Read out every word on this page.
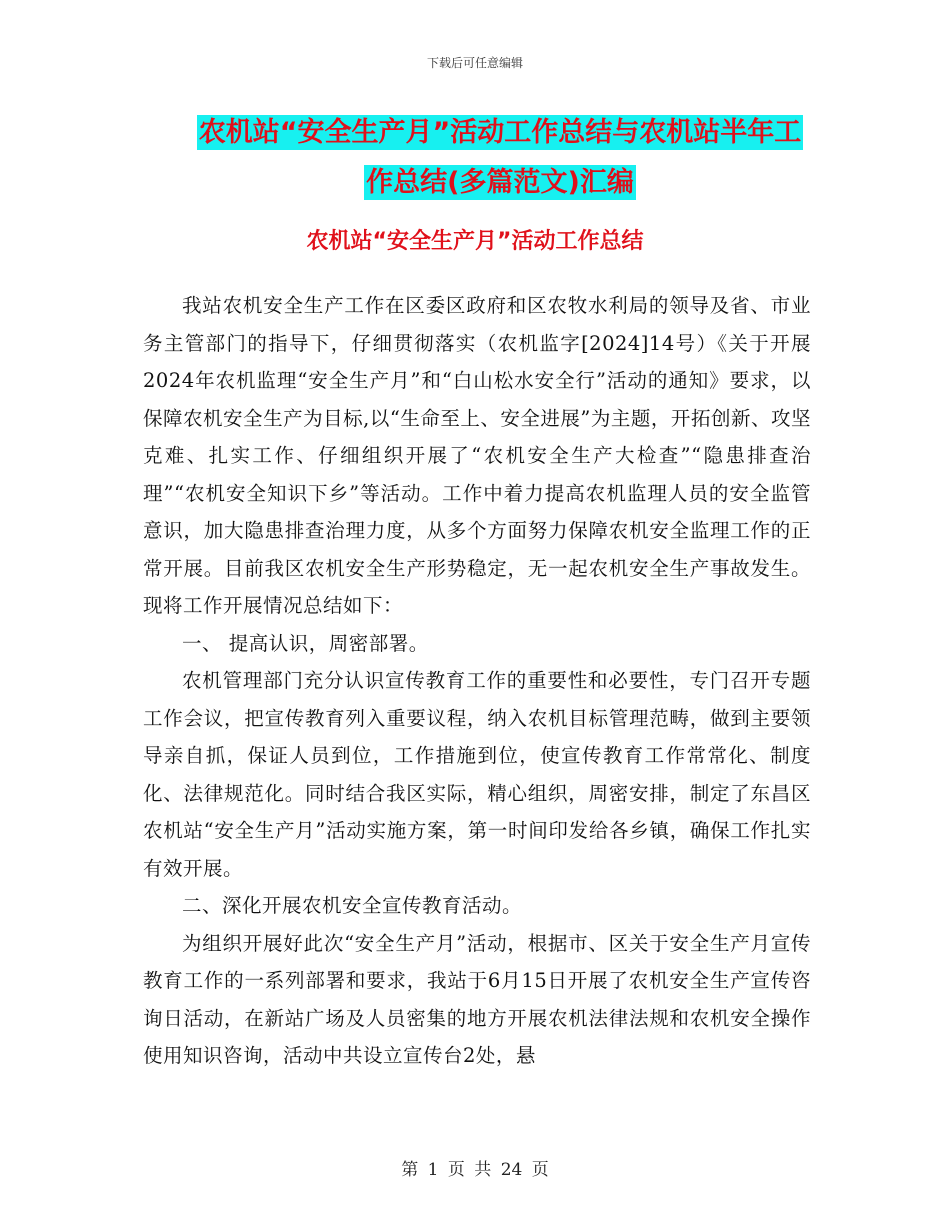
下载后可任意编辑
农机站“安全生产月”活动工作总结与农机站半年工
作总结(多篇范文)汇编
农机站“安全生产月”活动工作总结

我站农机安全生产工作在区委区政府和区农牧水利局的领导及省、市业务主管部门的指导下，仔细贯彻落实（农机监字[2024]14号）《关于开展2024年农机监理“安全生产月”和“白山松水安全行”活动的通知》要求，以保障农机安全生产为目标,以“生命至上、安全进展”为主题，开拓创新、攻坚克难、扎实工作、仔细组织开展了“农机安全生产大检查”“隐患排查治理”“农机安全知识下乡”等活动。工作中着力提高农机监理人员的安全监管意识，加大隐患排查治理力度，从多个方面努力保障农机安全监理工作的正常开展。目前我区农机安全生产形势稳定，无一起农机安全生产事故发生。现将工作开展情况总结如下：

一、 提高认识，周密部署。

农机管理部门充分认识宣传教育工作的重要性和必要性，专门召开专题工作会议，把宣传教育列入重要议程，纳入农机目标管理范畴，做到主要领导亲自抓，保证人员到位，工作措施到位，使宣传教育工作常常化、制度化、法律规范化。同时结合我区实际，精心组织，周密安排，制定了东昌区农机站“安全生产月”活动实施方案，第一时间印发给各乡镇，确保工作扎实有效开展。

二、深化开展农机安全宣传教育活动。

为组织开展好此次“安全生产月”活动，根据市、区关于安全生产月宣传教育工作的一系列部署和要求，我站于6月15日开展了农机安全生产宣传咨询日活动，在新站广场及人员密集的地方开展农机法律法规和农机安全操作使用知识咨询，活动中共设立宣传台2处，悬

第 1 页 共 24 页
